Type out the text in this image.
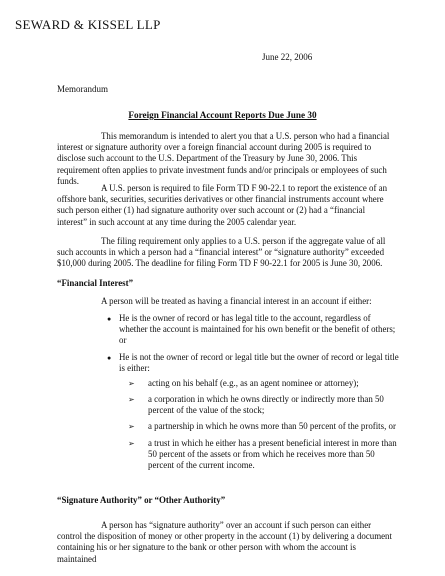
SEWARD & KISSEL LLP
June 22, 2006
Memorandum
Foreign Financial Account Reports Due June 30

This memorandum is intended to alert you that a U.S. person who had a financial interest or signature authority over a foreign financial account during 2005 is required to disclose such account to the U.S. Department of the Treasury by June 30, 2006. This requirement often applies to private investment funds and/or principals or employees of such funds.

A U.S. person is required to file Form TD F 90-22.1 to report the existence of an offshore bank, securities, securities derivatives or other financial instruments account where such person either (1) had signature authority over such account or (2) had a “financial interest” in such account at any time during the 2005 calendar year.

The filing requirement only applies to a U.S. person if the aggregate value of all such accounts in which a person had a “financial interest” or “signature authority” exceeded $10,000 during 2005. The deadline for filing Form TD F 90-22.1 for 2005 is June 30, 2006.

“Financial Interest”

A person will be treated as having a financial interest in an account if either:

● He is the owner of record or has legal title to the account, regardless of whether the account is maintained for his own benefit or the benefit of others; or
● He is not the owner of record or legal title but the owner of record or legal title is either:
➢ acting on his behalf (e.g., as an agent nominee or attorney);
➢ a corporation in which he owns directly or indirectly more than 50 percent of the value of the stock;
➢ a partnership in which he owns more than 50 percent of the profits, or
➢ a trust in which he either has a present beneficial interest in more than 50 percent of the assets or from which he receives more than 50 percent of the current income.

“Signature Authority” or “Other Authority”

A person has “signature authority” over an account if such person can either control the disposition of money or other property in the account (1) by delivering a document containing his or her signature to the bank or other person with whom the account is maintained
